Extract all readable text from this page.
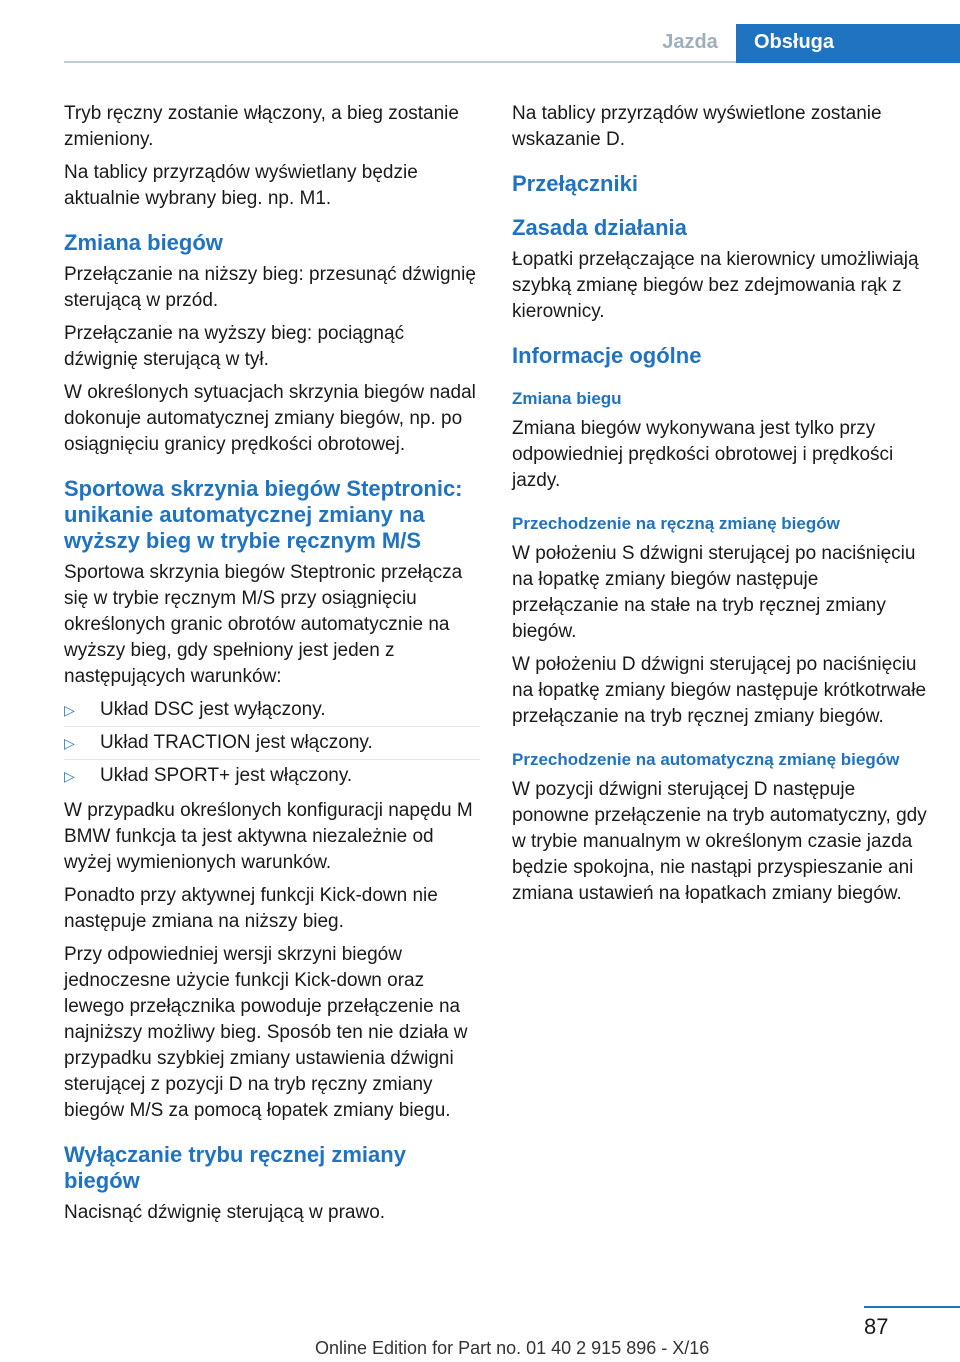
Jazda	Obsługa

Tryb ręczny zostanie włączony, a bieg zostanie zmieniony.

Na tablicy przyrządów wyświetlany będzie aktualnie wybrany bieg. np. M1.

Zmiana biegów

Przełączanie na niższy bieg: przesunąć dźwignię sterującą w przód.

Przełączanie na wyższy bieg: pociągnąć dźwignię sterującą w tył.

W określonych sytuacjach skrzynia biegów nadal dokonuje automatycznej zmiany biegów, np. po osiągnięciu granicy prędkości obrotowej.

Sportowa skrzynia biegów Steptronic: unikanie automatycznej zmiany na wyższy bieg w trybie ręcznym M/S

Sportowa skrzynia biegów Steptronic przełącza się w trybie ręcznym M/S przy osiągnięciu określonych granic obrotów automatycznie na wyższy bieg, gdy spełniony jest jeden z następujących warunków:

▷ Układ DSC jest wyłączony.
▷ Układ TRACTION jest włączony.
▷ Układ SPORT+ jest włączony.

W przypadku określonych konfiguracji napędu M BMW funkcja ta jest aktywna niezależnie od wyżej wymienionych warunków.

Ponadto przy aktywnej funkcji Kick-down nie następuje zmiana na niższy bieg.

Przy odpowiedniej wersji skrzyni biegów jednoczesne użycie funkcji Kick-down oraz lewego przełącznika powoduje przełączenie na najniższy możliwy bieg. Sposób ten nie działa w przypadku szybkiej zmiany ustawienia dźwigni sterującej z pozycji D na tryb ręczny zmiany biegów M/S za pomocą łopatek zmiany biegu.

Wyłączanie trybu ręcznej zmiany biegów

Nacisnąć dźwignię sterującą w prawo.

Na tablicy przyrządów wyświetlone zostanie wskazanie D.

Przełączniki
Zasada działania

Łopatki przełączające na kierownicy umożliwiają szybką zmianę biegów bez zdejmowania rąk z kierownicy.

Informacje ogólne
Zmiana biegu

Zmiana biegów wykonywana jest tylko przy odpowiedniej prędkości obrotowej i prędkości jazdy.

Przechodzenie na ręczną zmianę biegów

W położeniu S dźwigni sterującej po naciśnięciu na łopatkę zmiany biegów następuje przełączanie na stałe na tryb ręcznej zmiany biegów.

W położeniu D dźwigni sterującej po naciśnięciu na łopatkę zmiany biegów następuje krótkotrwałe przełączanie na tryb ręcznej zmiany biegów.

Przechodzenie na automatyczną zmianę biegów

W pozycji dźwigni sterującej D następuje ponowne przełączenie na tryb automatyczny, gdy w trybie manualnym w określonym czasie jazda będzie spokojna, nie nastąpi przyspieszanie ani zmiana ustawień na łopatkach zmiany biegów.

87
Online Edition for Part no. 01 40 2 915 896 - X/16
